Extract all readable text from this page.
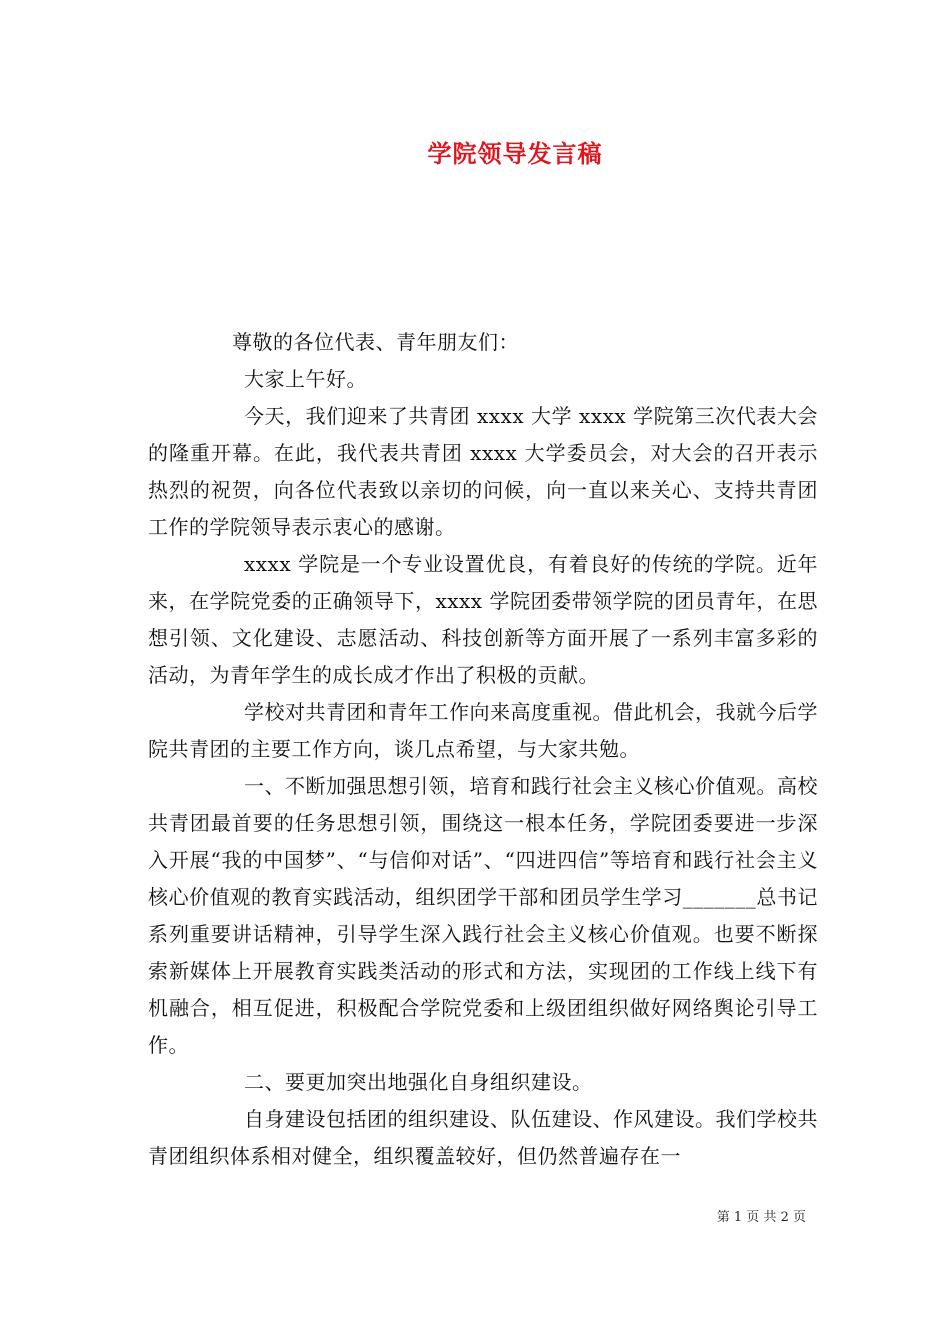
学院领导发言稿

尊敬的各位代表、青年朋友们：

大家上午好。

今天，我们迎来了共青团 xxxx 大学 xxxx 学院第三次代表大会的隆重开幕。在此，我代表共青团 xxxx 大学委员会，对大会的召开表示热烈的祝贺，向各位代表致以亲切的问候，向一直以来关心、支持共青团工作的学院领导表示衷心的感谢。

xxxx 学院是一个专业设置优良，有着良好的传统的学院。近年来，在学院党委的正确领导下，xxxx 学院团委带领学院的团员青年，在思想引领、文化建设、志愿活动、科技创新等方面开展了一系列丰富多彩的活动，为青年学生的成长成才作出了积极的贡献。

学校对共青团和青年工作向来高度重视。借此机会，我就今后学院共青团的主要工作方向，谈几点希望，与大家共勉。

一、不断加强思想引领，培育和践行社会主义核心价值观。高校共青团最首要的任务思想引领，围绕这一根本任务，学院团委要进一步深入开展“我的中国梦”、“与信仰对话”、“四进四信”等培育和践行社会主义核心价值观的教育实践活动，组织团学干部和团员学生学习_______总书记系列重要讲话精神，引导学生深入践行社会主义核心价值观。也要不断探索新媒体上开展教育实践类活动的形式和方法，实现团的工作线上线下有机融合，相互促进，积极配合学院党委和上级团组织做好网络舆论引导工作。

二、要更加突出地强化自身组织建设。

自身建设包括团的组织建设、队伍建设、作风建设。我们学校共青团组织体系相对健全，组织覆盖较好，但仍然普遍存在一

第 1 页 共 2 页
